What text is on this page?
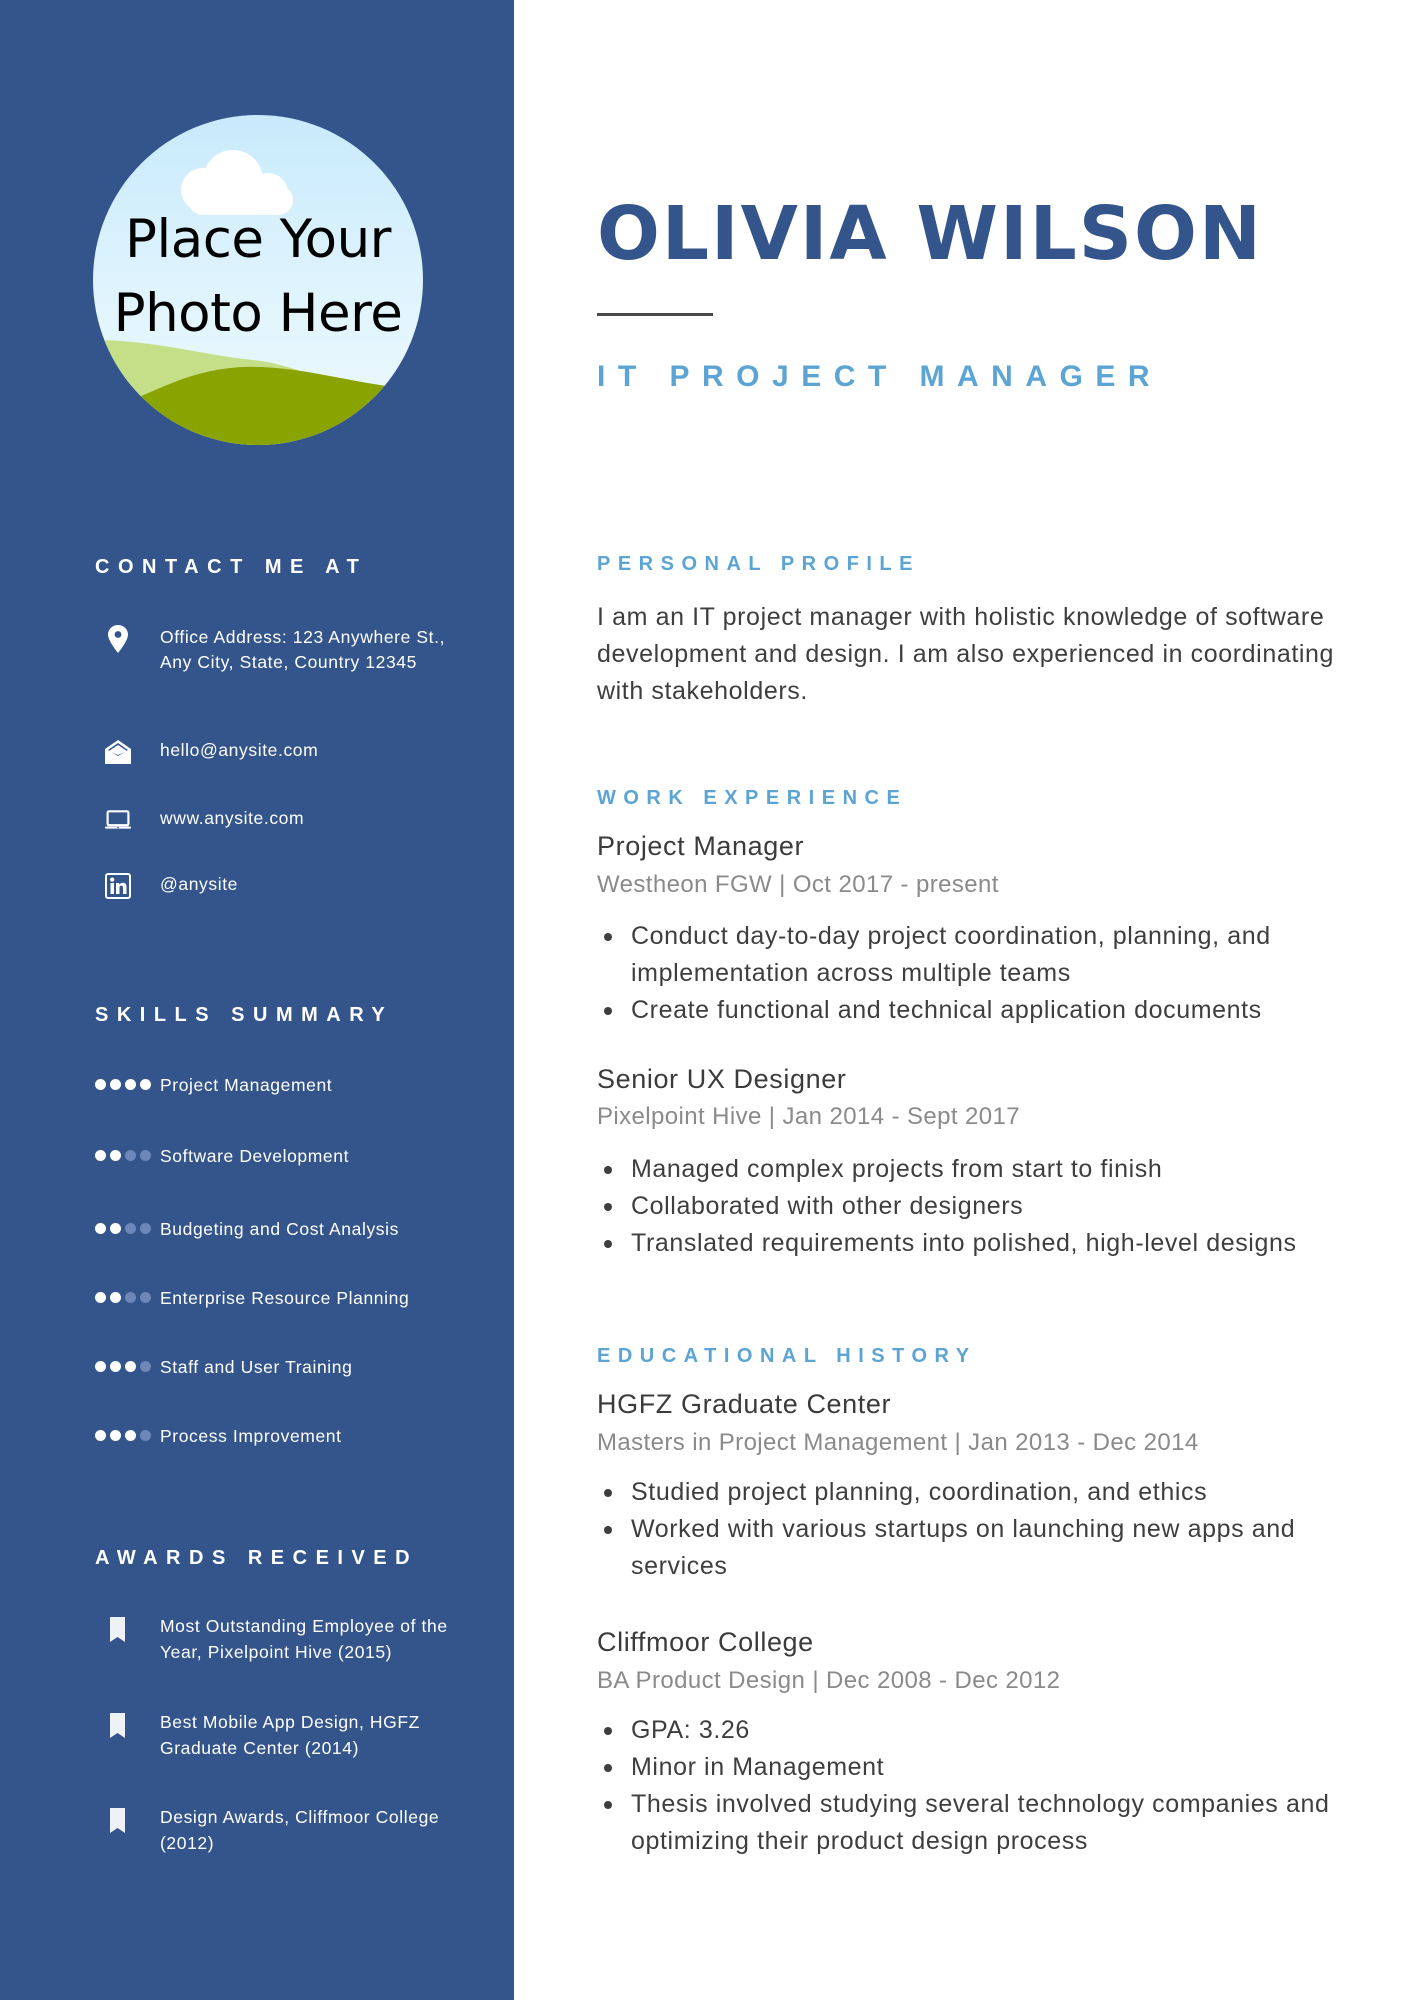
Place Your
Photo Here
CONTACT ME AT
Office Address: 123 Anywhere St., Any City, State, Country 12345
hello@anysite.com
www.anysite.com
@anysite
SKILLS SUMMARY
Project Management
Software Development
Budgeting and Cost Analysis
Enterprise Resource Planning
Staff and User Training
Process Improvement
AWARDS RECEIVED
Most Outstanding Employee of the Year, Pixelpoint Hive (2015)
Best Mobile App Design, HGFZ Graduate Center (2014)
Design Awards, Cliffmoor College (2012)
OLIVIA WILSON
IT PROJECT MANAGER
PERSONAL PROFILE
I am an IT project manager with holistic knowledge of software development and design. I am also experienced in coordinating with stakeholders.
WORK EXPERIENCE
Project Manager
Westheon FGW | Oct 2017 - present
Conduct day-to-day project coordination, planning, and implementation across multiple teams
Create functional and technical application documents
Senior UX Designer
Pixelpoint Hive | Jan 2014 - Sept 2017
Managed complex projects from start to finish
Collaborated with other designers
Translated requirements into polished, high-level designs
EDUCATIONAL HISTORY
HGFZ Graduate Center
Masters in Project Management | Jan 2013 - Dec 2014
Studied project planning, coordination, and ethics
Worked with various startups on launching new apps and services
Cliffmoor College
BA Product Design | Dec 2008 - Dec 2012
GPA: 3.26
Minor in Management
Thesis involved studying several technology companies and optimizing their product design process
